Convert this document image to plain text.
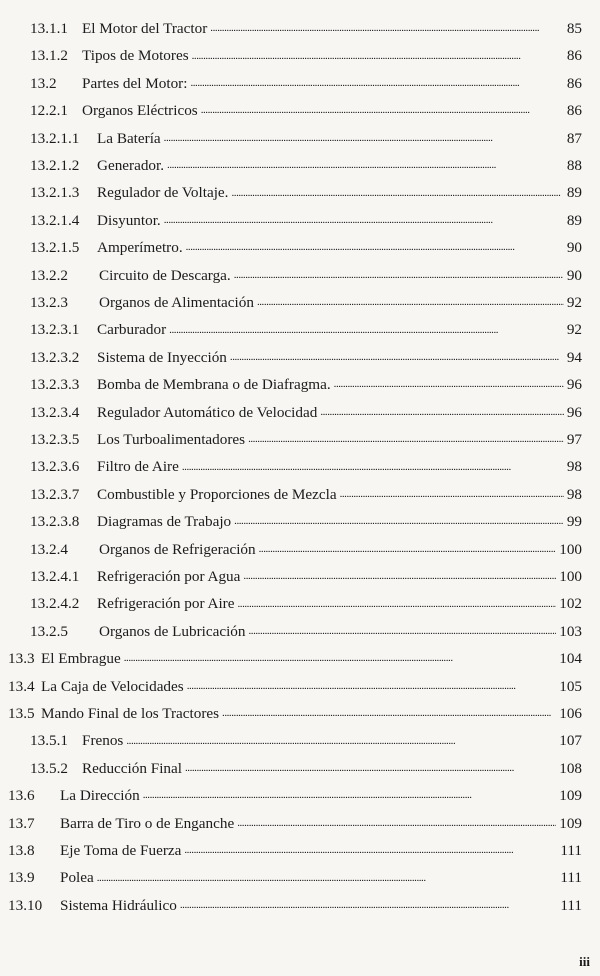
13.1.1 El Motor del Tractor . . .	85
13.1.2 Tipos de Motores . . .	86
13.2 Partes del Motor: . . .	86
12.2.1 Organos Eléctricos . . .	86
13.2.1.1 La Batería . . .	87
13.2.1.2 Generador. . . .	88
13.2.1.3 Regulador de Voltaje. . . .	89
13.2.1.4 Disyuntor. . . .	89
13.2.1.5 Amperímetro. . . .	90
13.2.2 Circuito de Descarga. . . .	90
13.2.3 Organos de Alimentación . . .	92
13.2.3.1 Carburador . . .	92
13.2.3.2 Sistema de Inyección . . .	94
13.2.3.3 Bomba de Membrana o de Diafragma. . . .	96
13.2.3.4 Regulador Automático de Velocidad . . .	96
13.2.3.5 Los Turboalimentadores . . .	97
13.2.3.6 Filtro de Aire . . .	98
13.2.3.7 Combustible y Proporciones de Mezcla . . .	98
13.2.3.8 Diagramas de Trabajo . . .	99
13.2.4 Organos de Refrigeración . . .	100
13.2.4.1 Refrigeración por Agua . . .	100
13.2.4.2 Refrigeración por Aire . . .	102
13.2.5 Organos de Lubricación . . .	103
13.3 El Embrague . . .	104
13.4 La Caja de Velocidades . . .	105
13.5 Mando Final de los Tractores . . .	106
13.5.1 Frenos . . .	107
13.5.2 Reducción Final . . .	108
13.6 La Dirección . . .	109
13.7 Barra de Tiro o de Enganche . . .	109
13.8 Eje Toma de Fuerza . . .	111
13.9 Polea . . .	111
13.10 Sistema Hidráulico . . .	111
iii
